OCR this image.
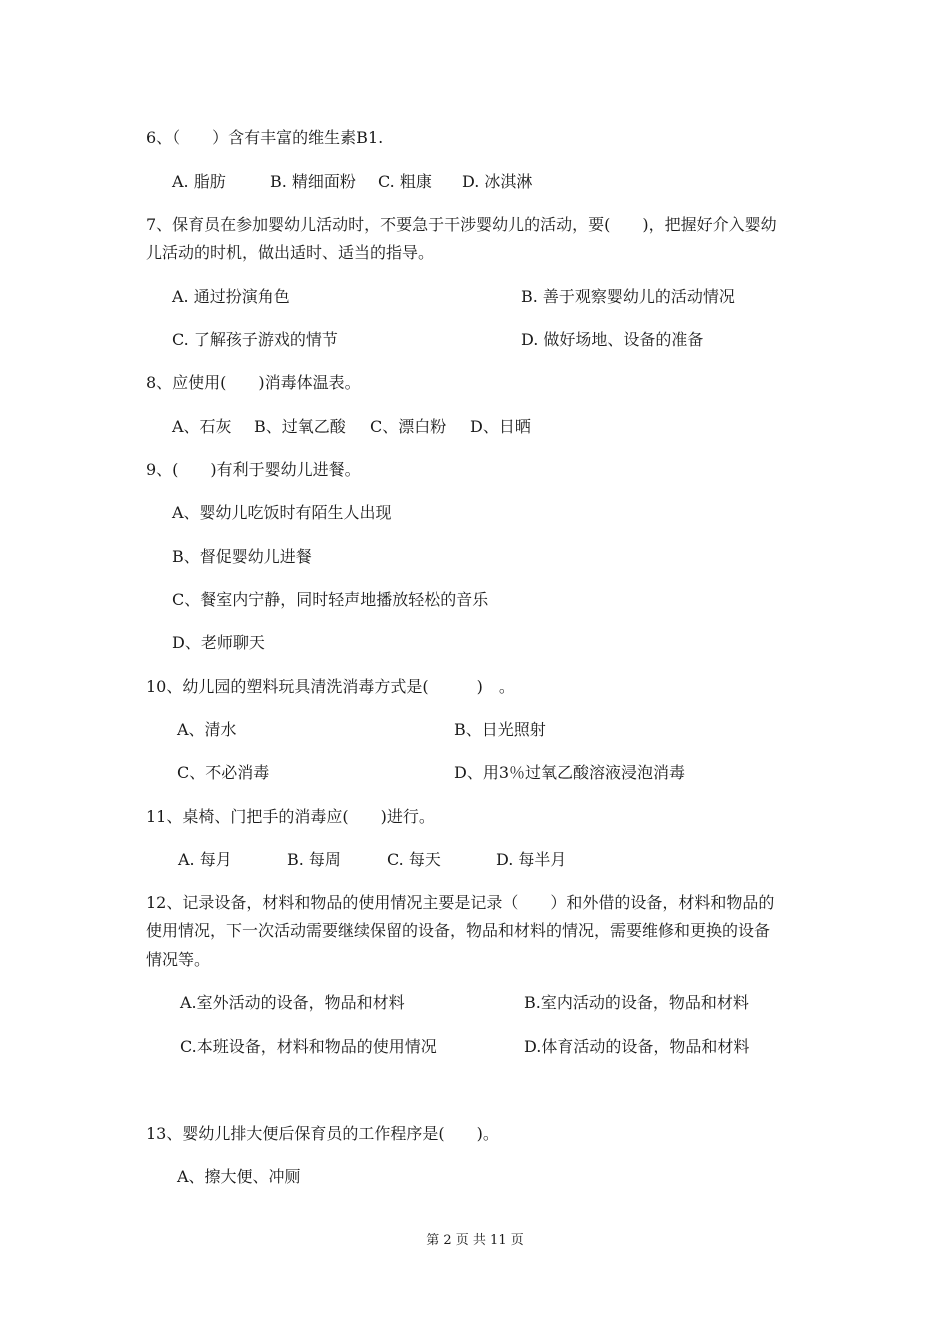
6、（　　）含有丰富的维生素B1.
A. 脂肪	B. 精细面粉 C. 粗康 D. 冰淇淋
7、保育员在参加婴幼儿活动时，不要急于干涉婴幼儿的活动，要(　　)，把握好介入婴幼
儿活动的时机，做出适时、适当的指导。
A. 通过扮演角色	B. 善于观察婴幼儿的活动情况
C. 了解孩子游戏的情节	D. 做好场地、设备的准备
8、应使用(　　)消毒体温表。
A、石灰 B、过氧乙酸 C、漂白粉 D、日晒
9、(　　)有利于婴幼儿进餐。
A、婴幼儿吃饭时有陌生人出现
B、督促婴幼儿进餐
C、餐室内宁静，同时轻声地播放轻松的音乐
D、老师聊天
10、幼儿园的塑料玩具清洗消毒方式是(　　　)　。
A、清水	B、日光照射
C、不必消毒	D、用3％过氧乙酸溶液浸泡消毒
11、桌椅、门把手的消毒应(　　)进行。
A. 每月	B. 每周	C. 每天	D. 每半月
12、记录设备，材料和物品的使用情况主要是记录（　　）和外借的设备，材料和物品的
使用情况，下一次活动需要继续保留的设备，物品和材料的情况，需要维修和更换的设备
情况等。
A.室外活动的设备，物品和材料	B.室内活动的设备，物品和材料
C.本班设备，材料和物品的使用情况	D.体育活动的设备，物品和材料
13、婴幼儿排大便后保育员的工作程序是(　　)。
A、擦大便、冲厕
第 2 页 共 11 页
